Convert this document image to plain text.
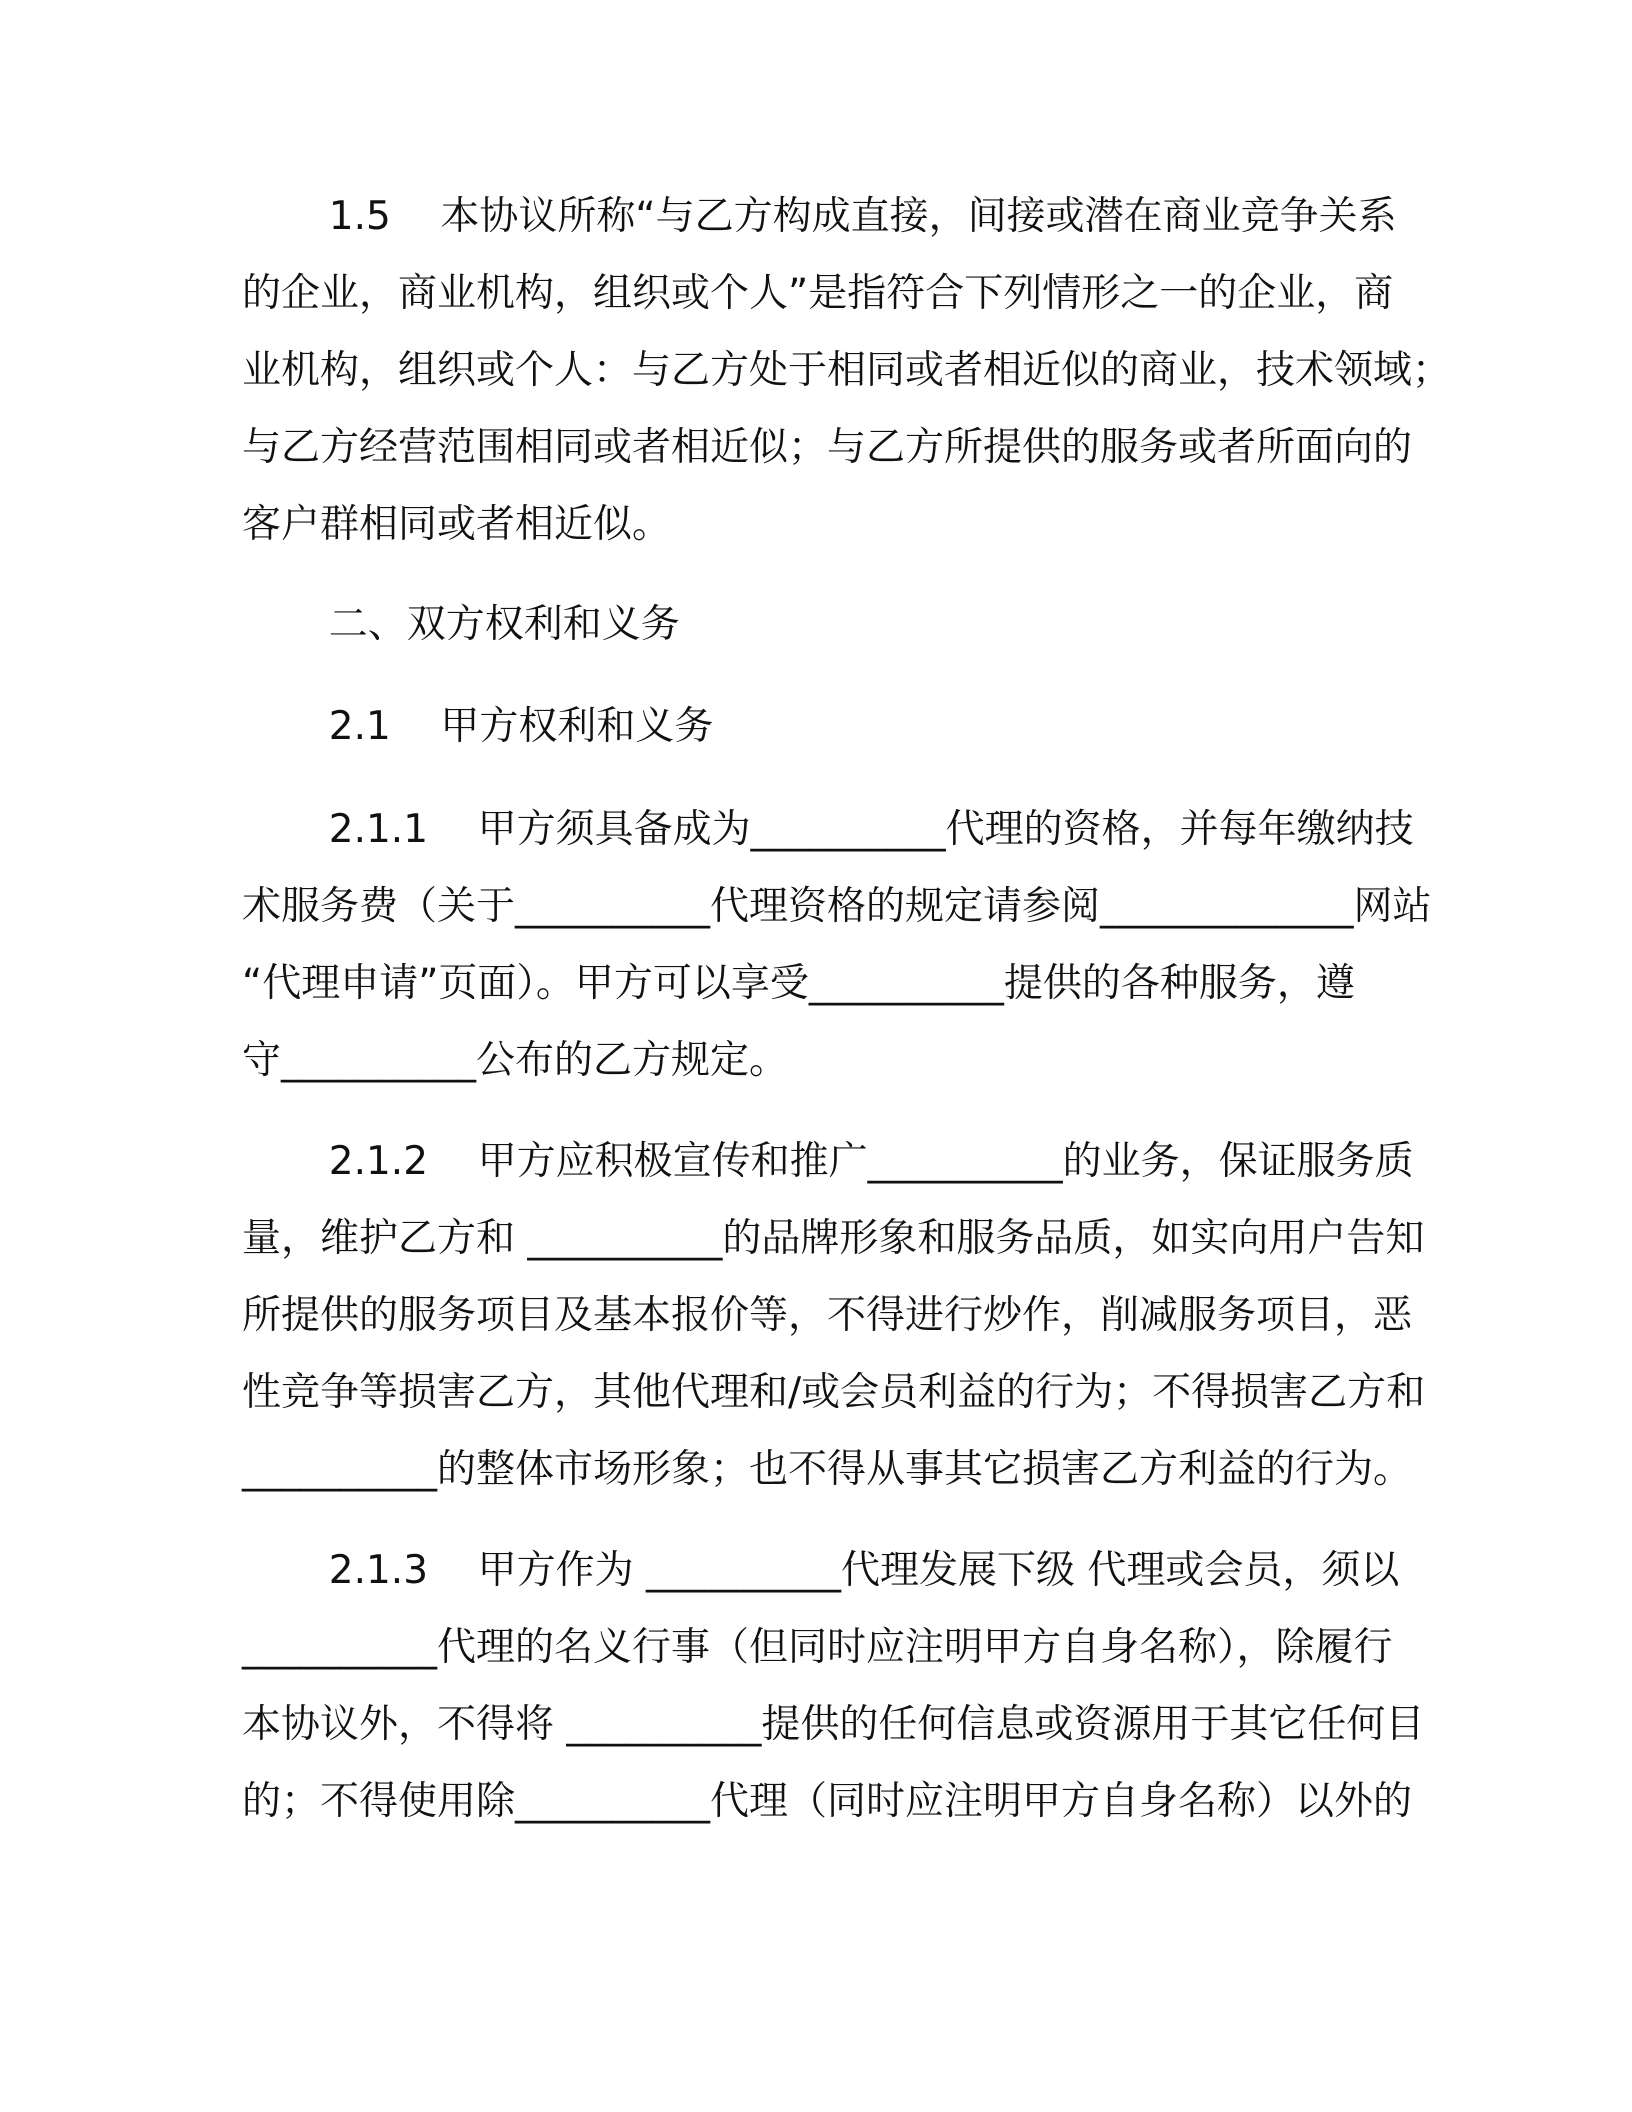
1.5    本协议所称“与乙方构成直接，间接或潜在商业竞争关系
的企业，商业机构，组织或个人”是指符合下列情形之一的企业，商
业机构，组织或个人：与乙方处于相同或者相近似的商业，技术领域；
与乙方经营范围相同或者相近似；与乙方所提供的服务或者所面向的
客户群相同或者相近似。
二、双方权利和义务
2.1    甲方权利和义务
2.1.1    甲方须具备成为__________代理的资格，并每年缴纳技
术服务费（关于__________代理资格的规定请参阅_____________网站
“代理申请”页面）。甲方可以享受__________提供的各种服务，遵
守__________公布的乙方规定。
2.1.2    甲方应积极宣传和推广__________的业务，保证服务质
量，维护乙方和 __________的品牌形象和服务品质，如实向用户告知
所提供的服务项目及基本报价等，不得进行炒作，削减服务项目，恶
性竞争等损害乙方，其他代理和/或会员利益的行为；不得损害乙方和
__________的整体市场形象；也不得从事其它损害乙方利益的行为。
2.1.3    甲方作为 __________代理发展下级 代理或会员，须以
__________代理的名义行事（但同时应注明甲方自身名称），除履行
本协议外，不得将 __________提供的任何信息或资源用于其它任何目
的；不得使用除__________代理（同时应注明甲方自身名称）以外的
